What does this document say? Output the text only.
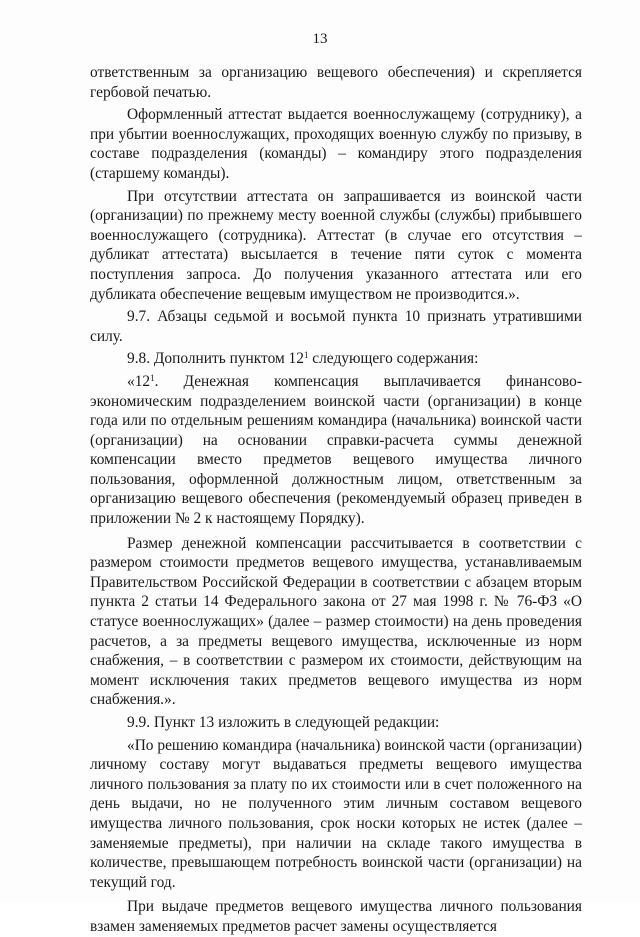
13

ответственным за организацию вещевого обеспечения) и скрепляется гербовой печатью.

Оформленный аттестат выдается военнослужащему (сотруднику), а при убытии военнослужащих, проходящих военную службу по призыву, в составе подразделения (команды) – командиру этого подразделения (старшему команды).

При отсутствии аттестата он запрашивается из воинской части (организации) по прежнему месту военной службы (службы) прибывшего военнослужащего (сотрудника). Аттестат (в случае его отсутствия – дубликат аттестата) высылается в течение пяти суток с момента поступления запроса. До получения указанного аттестата или его дубликата обеспечение вещевым имуществом не производится.».

9.7. Абзацы седьмой и восьмой пункта 10 признать утратившими силу.

9.8. Дополнить пунктом $12^1$ следующего содержания:

«$12^1$. Денежная компенсация выплачивается финансово-экономическим подразделением воинской части (организации) в конце года или по отдельным решениям командира (начальника) воинской части (организации) на основании справки-расчета суммы денежной компенсации вместо предметов вещевого имущества личного пользования, оформленной должностным лицом, ответственным за организацию вещевого обеспечения (рекомендуемый образец приведен в приложении № 2 к настоящему Порядку).

Размер денежной компенсации рассчитывается в соответствии с размером стоимости предметов вещевого имущества, устанавливаемым Правительством Российской Федерации в соответствии с абзацем вторым пункта 2 статьи 14 Федерального закона от 27 мая 1998 г. № 76-ФЗ «О статусе военнослужащих» (далее – размер стоимости) на день проведения расчетов, а за предметы вещевого имущества, исключенные из норм снабжения, – в соответствии с размером их стоимости, действующим на момент исключения таких предметов вещевого имущества из норм снабжения.».

9.9. Пункт 13 изложить в следующей редакции:

«По решению командира (начальника) воинской части (организации) личному составу могут выдаваться предметы вещевого имущества личного пользования за плату по их стоимости или в счет положенного на день выдачи, но не полученного этим личным составом вещевого имущества личного пользования, срок носки которых не истек (далее – заменяемые предметы), при наличии на складе такого имущества в количестве, превышающем потребность воинской части (организации) на текущий год.

При выдаче предметов вещевого имущества личного пользования взамен заменяемых предметов расчет замены осуществляется
